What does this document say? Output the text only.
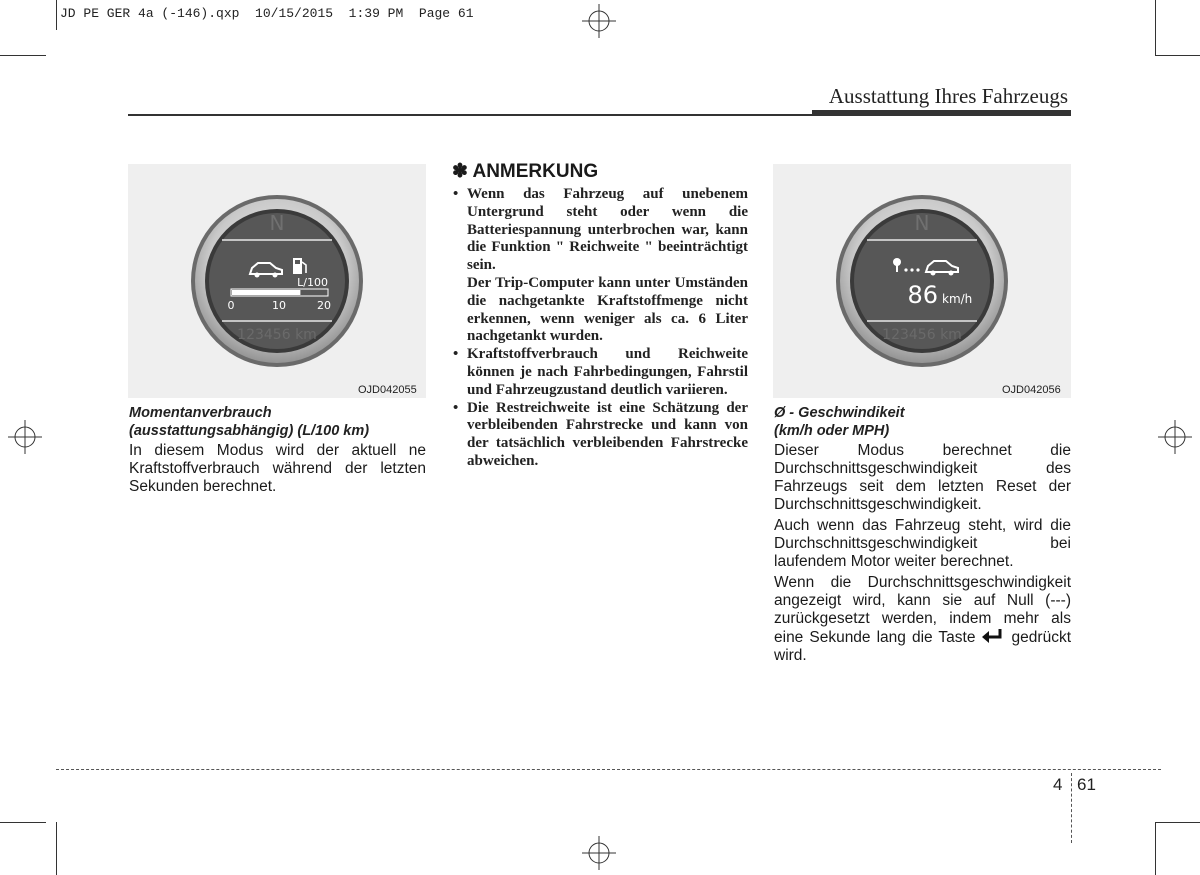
JD PE GER 4a (-146).qxp 10/15/2015 1:39 PM Page 61
Ausstattung Ihres Fahrzeugs
N
L/100
0	10	20
123456 km
OJD042055
Momentanverbrauch
(ausstattungsabhängig) (L/100 km)

In diesem Modus wird der aktuell ne Kraftstoffverbrauch während der letzten Sekunden berechnet.

✽ ANMERKUNG
• Wenn das Fahrzeug auf unebenem Untergrund steht oder wenn die Batteriespannung unterbrochen war, kann die Funktion " Reichweite " beeinträchtigt sein.
Der Trip-Computer kann unter Umständen die nachgetankte Kraftstoffmenge nicht erkennen, wenn weniger als ca. 6 Liter nachgetankt wurden.
• Kraftstoffverbrauch und Reichweite können je nach Fahrbedingungen, Fahrstil und Fahrzeugzustand deutlich variieren.
• Die Restreichweite ist eine Schätzung der verbleibenden Fahrstrecke und kann von der tatsächlich verbleibenden Fahrstrecke abweichen.
N
86 km/h
123456 km
OJD042056
Ø - Geschwindikeit
(km/h oder MPH)

Dieser Modus berechnet die Durchschnittsgeschwindigkeit des Fahrzeugs seit dem letzten Reset der Durchschnittsgeschwindigkeit.

Auch wenn das Fahrzeug steht, wird die Durchschnittsgeschwindigkeit bei laufendem Motor weiter berechnet.

Wenn die Durchschnittsgeschwindigkeit angezeigt wird, kann sie auf Null (---) zurückgesetzt werden, indem mehr als eine Sekunde lang die Taste gedrückt wird.

4 61
